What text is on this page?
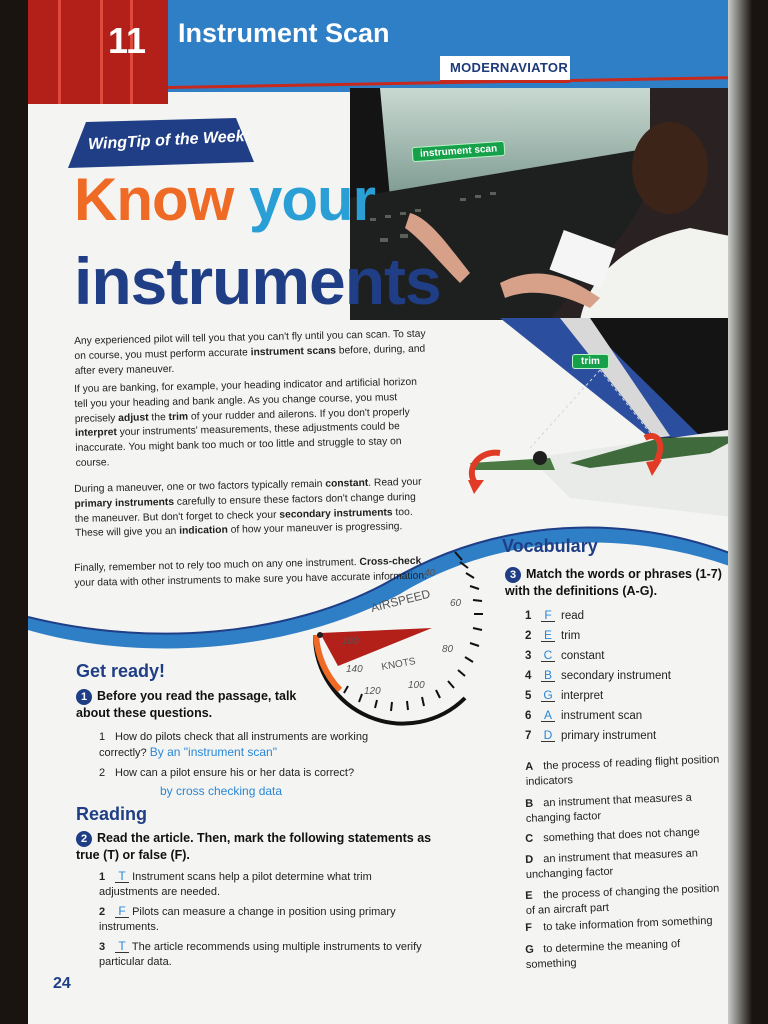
11 Instrument Scan
MODERNAVIATOR
instrument scan
WingTip of the Week:
Know your
instruments
trim

Any experienced pilot will tell you that you can't fly until you can scan. To stay on course, you must perform accurate instrument scans before, during, and after every maneuver.

If you are banking, for example, your heading indicator and artificial horizon tell you your heading and bank angle. As you change course, you must precisely adjust the trim of your rudder and ailerons. If you don't properly interpret your instruments' measurements, these adjustments could be inaccurate. You might bank too much or too little and struggle to stay on course.

During a maneuver, one or two factors typically remain constant. Read your primary instruments carefully to ensure these factors don't change during the maneuver. But don't forget to check your secondary instruments too. These will give you an indication of how your maneuver is progressing.

Finally, remember not to rely too much on any one instrument. Cross-check your data with other instruments to make sure you have accurate information.

AIRSPEED
KNOTS
40
60
80
100
120
140
160
Get ready!
1 Before you read the passage, talk about these questions.
1 How do pilots check that all instruments are working correctly? By an "instrument scan"
2 How can a pilot ensure his or her data is correct?
by cross checking data
Reading
2 Read the article. Then, mark the following statements as true (T) or false (F).
1 T Instrument scans help a pilot determine what trim adjustments are needed.
2 F Pilots can measure a change in position using primary instruments.
3 T The article recommends using multiple instruments to verify particular data.
Vocabulary
3 Match the words or phrases (1-7) with the definitions (A-G).
1 F read
2 E trim
3 C constant
4 B secondary instrument
5 G interpret
6 A instrument scan
7 D primary instrument
A the process of reading flight position indicators
B an instrument that measures a changing factor
C something that does not change
D an instrument that measures an unchanging factor
E the process of changing the position of an aircraft part
F to take information from something
G to determine the meaning of something
24
